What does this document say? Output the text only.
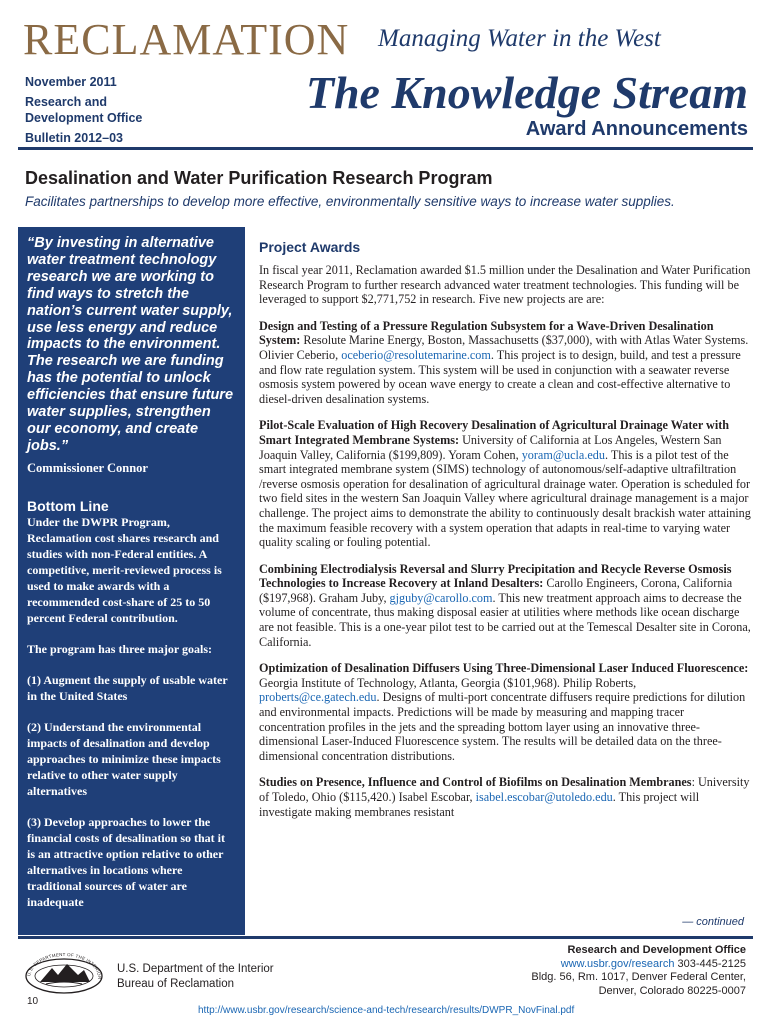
RECLAMATION Managing Water in the West
November 2011
Research and
Development Office
Bulletin 2012–03
The Knowledge Stream
Award Announcements
Desalination and Water Purification Research Program
Facilitates partnerships to develop more effective, environmentally sensitive ways to increase water supplies.
“By investing in alternative water treatment technology research we are working to find ways to stretch the nation’s current water supply, use less energy and reduce impacts to the environment. The research we are funding has the potential to unlock efficiencies that ensure future water supplies, strengthen our economy, and create jobs.”
Commissioner Connor
Bottom Line
Under the DWPR Program, Reclamation cost shares research and studies with non-Federal entities. A competitive, merit-reviewed process is used to make awards with a recommended cost-share of 25 to 50 percent Federal contribution.
The program has three major goals:
(1) Augment the supply of usable water in the United States
(2) Understand the environmental impacts of desalination and develop approaches to minimize these impacts relative to other water supply alternatives
(3) Develop approaches to lower the financial costs of desalination so that it is an attractive option relative to other alternatives in locations where traditional sources of water are inadequate
Project Awards
In fiscal year 2011, Reclamation awarded $1.5 million under the Desalination and Water Purification Research Program to further research advanced water treatment technologies. This funding will be leveraged to support $2,771,752 in research. Five new projects are are:
Design and Testing of a Pressure Regulation Subsystem for a Wave-Driven Desalination System: Resolute Marine Energy, Boston, Massachusetts ($37,000), with with Atlas Water Systems. Olivier Ceberio, oceberio@resolutemarine.com. This project is to design, build, and test a pressure and flow rate regulation system. This system will be used in conjunction with a seawater reverse osmosis system powered by ocean wave energy to create a clean and cost-effective alternative to diesel-driven desalination systems.
Pilot-Scale Evaluation of High Recovery Desalination of Agricultural Drainage Water with Smart Integrated Membrane Systems: University of California at Los Angeles, Western San Joaquin Valley, California ($199,809). Yoram Cohen, yoram@ucla.edu. This is a pilot test of the smart integrated membrane system (SIMS) technology of autonomous/self-adaptive ultrafiltration /reverse osmosis operation for desalination of agricultural drainage water. Operation is scheduled for two field sites in the western San Joaquin Valley where agricultural drainage management is a major challenge. The project aims to demonstrate the ability to continuously desalt brackish water attaining the maximum feasible recovery with a system operation that adapts in real-time to varying water quality scaling or fouling potential.
Combining Electrodialysis Reversal and Slurry Precipitation and Recycle Reverse Osmosis Technologies to Increase Recovery at Inland Desalters: Carollo Engineers, Corona, California ($197,968). Graham Juby, gjguby@carollo.com. This new treatment approach aims to decrease the volume of concentrate, thus making disposal easier at utilities where methods like ocean discharge are not feasible. This is a one-year pilot test to be carried out at the Temescal Desalter site in Corona, California.
Optimization of Desalination Diffusers Using Three-Dimensional Laser Induced Fluorescence: Georgia Institute of Technology, Atlanta, Georgia ($101,968). Philip Roberts, proberts@ce.gatech.edu. Designs of multi-port concentrate diffusers require predictions for dilution and environmental impacts. Predictions will be made by measuring and mapping tracer concentration profiles in the jets and the spreading bottom layer using an innovative three-dimensional Laser-Induced Fluorescence system. The results will be detailed data on the three-dimensional concentration distributions.
Studies on Presence, Influence and Control of Biofilms on Desalination Membranes: University of Toledo, Ohio ($115,420.) Isabel Escobar, isabel.escobar@utoledo.edu. This project will investigate making membranes resistant
— continued
U.S. DEPARTMENT OF THE INTERIOR
U.S. Department of the Interior
Bureau of Reclamation
Research and Development Office
www.usbr.gov/research 303-445-2125
Bldg. 56, Rm. 1017, Denver Federal Center,
Denver, Colorado 80225-0007
10
http://www.usbr.gov/research/science-and-tech/research/results/DWPR_NovFinal.pdf
